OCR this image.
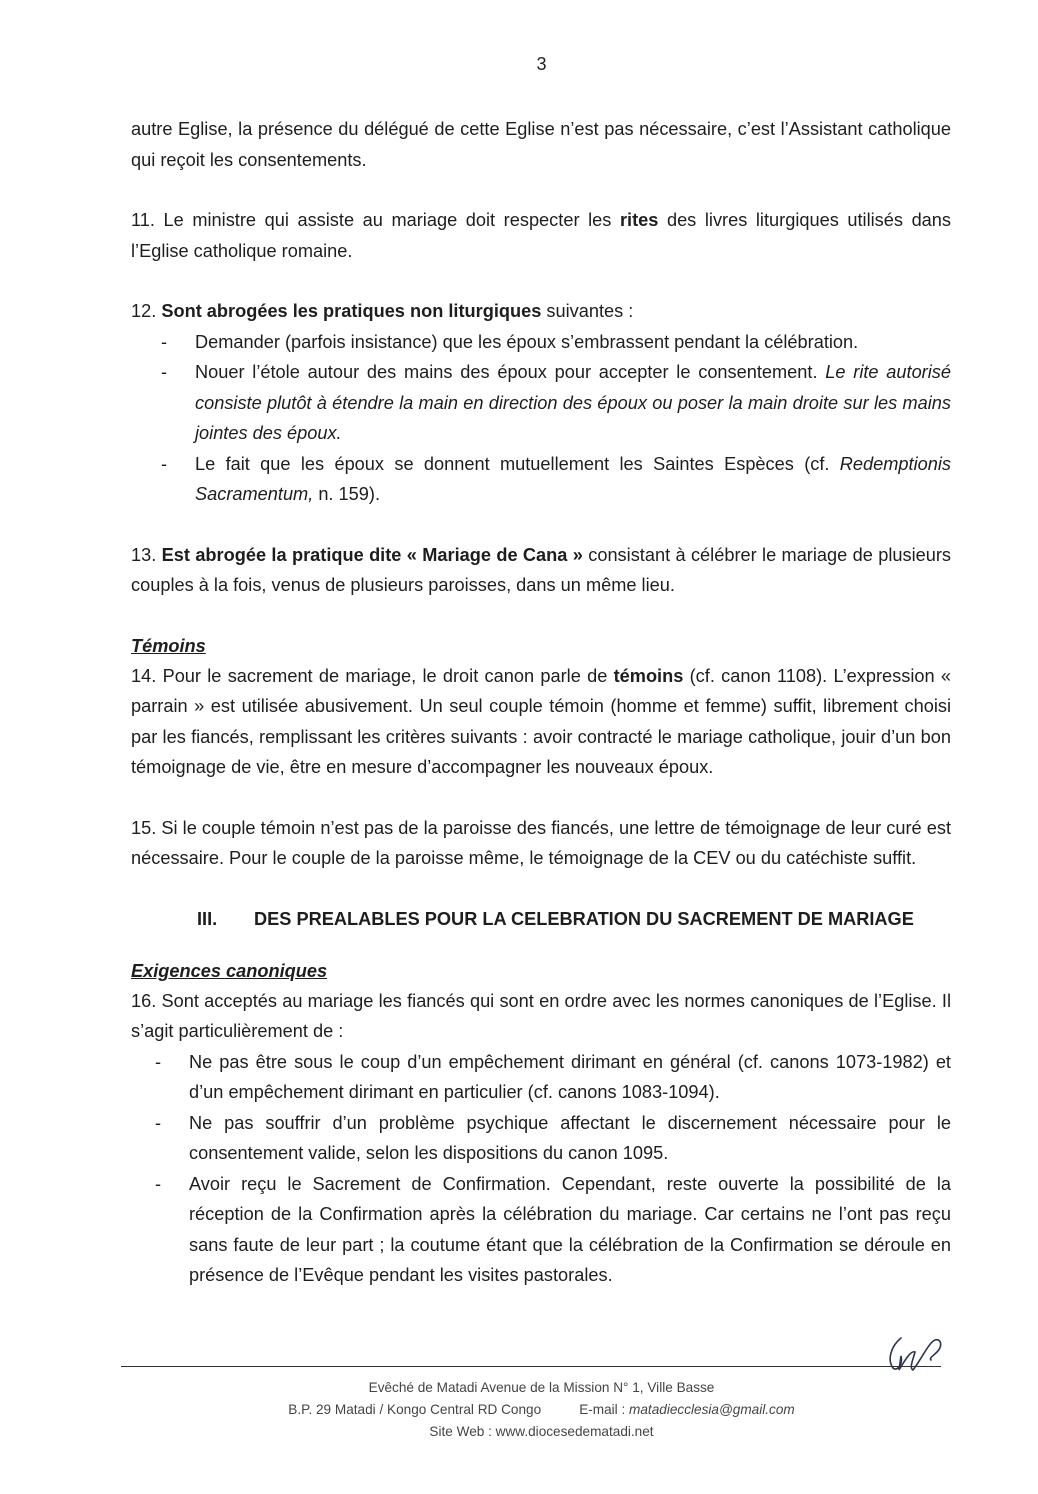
3

autre Eglise, la présence du délégué de cette Eglise n’est pas nécessaire, c’est l’Assistant catholique qui reçoit les consentements.

11. Le ministre qui assiste au mariage doit respecter les rites des livres liturgiques utilisés dans l’Eglise catholique romaine.

12. Sont abrogées les pratiques non liturgiques suivantes :

- Demander (parfois insistance) que les époux s’embrassent pendant la célébration.
- Nouer l’étole autour des mains des époux pour accepter le consentement. Le rite autorisé consiste plutôt à étendre la main en direction des époux ou poser la main droite sur les mains jointes des époux.
- Le fait que les époux se donnent mutuellement les Saintes Espèces (cf. Redemptionis Sacramentum, n. 159).

13. Est abrogée la pratique dite « Mariage de Cana » consistant à célébrer le mariage de plusieurs couples à la fois, venus de plusieurs paroisses, dans un même lieu.

Témoins

14. Pour le sacrement de mariage, le droit canon parle de témoins (cf. canon 1108). L’expression « parrain » est utilisée abusivement. Un seul couple témoin (homme et femme) suffit, librement choisi par les fiancés, remplissant les critères suivants : avoir contracté le mariage catholique, jouir d’un bon témoignage de vie, être en mesure d’accompagner les nouveaux époux.

15. Si le couple témoin n’est pas de la paroisse des fiancés, une lettre de témoignage de leur curé est nécessaire. Pour le couple de la paroisse même, le témoignage de la CEV ou du catéchiste suffit.

III. DES PREALABLES POUR LA CELEBRATION DU SACREMENT DE MARIAGE
Exigences canoniques

16. Sont acceptés au mariage les fiancés qui sont en ordre avec les normes canoniques de l’Eglise. Il s’agit particulièrement de :

- Ne pas être sous le coup d’un empêchement dirimant en général (cf. canons 1073-1982) et d’un empêchement dirimant en particulier (cf. canons 1083-1094).
- Ne pas souffrir d’un problème psychique affectant le discernement nécessaire pour le consentement valide, selon les dispositions du canon 1095.
- Avoir reçu le Sacrement de Confirmation. Cependant, reste ouverte la possibilité de la réception de la Confirmation après la célébration du mariage. Car certains ne l’ont pas reçu sans faute de leur part ; la coutume étant que la célébration de la Confirmation se déroule en présence de l’Evêque pendant les visites pastorales.
Evêché de Matadi Avenue de la Mission N° 1, Ville Basse
B.P. 29 Matadi / Kongo Central RD Congo	E-mail : matadiecclesia@gmail.com
Site Web : www.diocesedematadi.net
